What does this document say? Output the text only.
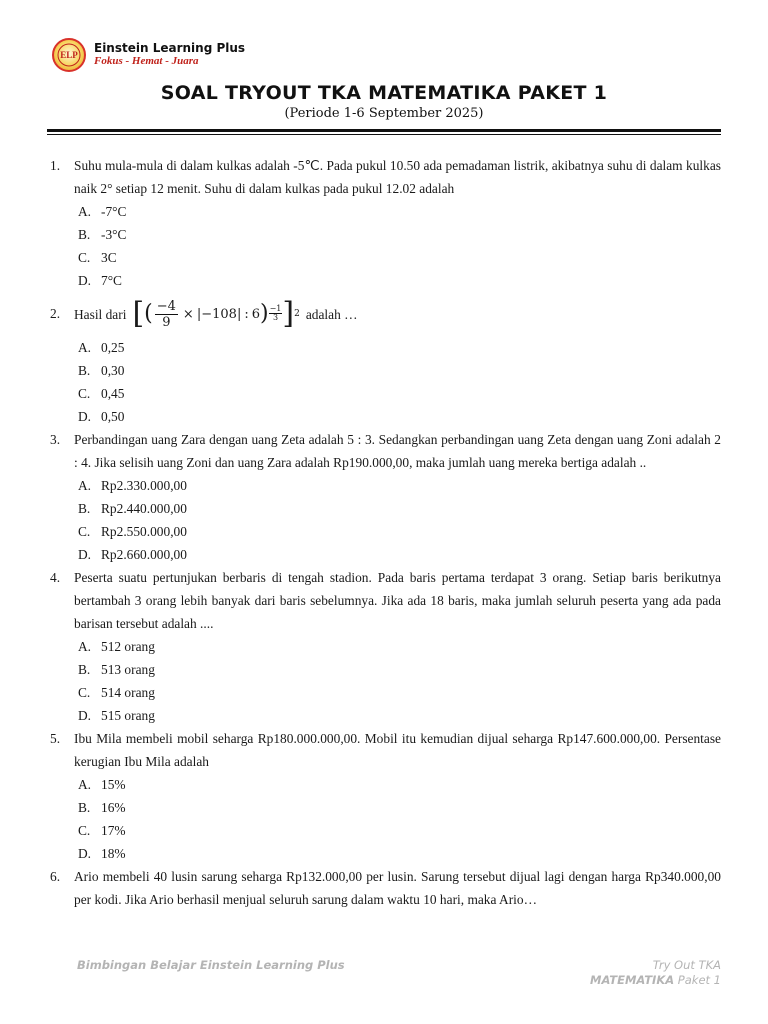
ELP Einstein Learning Plus
Fokus - Hemat - Juara
SOAL TRYOUT TKA MATEMATIKA PAKET 1
(Periode 1-6 September 2025)
1.	Suhu mula-mula di dalam kulkas adalah -5℃. Pada pukul 10.50 ada pemadaman listrik, akibatnya suhu di dalam kulkas naik 2° setiap 12 menit. Suhu di dalam kulkas pada pukul 12.02 adalah
A. -7°C
B. -3°C
C. 3C
D. 7°C
2.	Hasil dari [ ( $\frac{-4}{9}$ × | −108 | : 6 ) $\frac{-1}{3}$ ] 2 adalah …
A. 0,25
B. 0,30
C. 0,45
D. 0,50
3.	Perbandingan uang Zara dengan uang Zeta adalah 5 : 3. Sedangkan perbandingan uang Zeta dengan uang Zoni adalah 2 : 4. Jika selisih uang Zoni dan uang Zara adalah Rp190.000,00, maka jumlah uang mereka bertiga adalah ..
A. Rp2.330.000,00
B. Rp2.440.000,00
C. Rp2.550.000,00
D. Rp2.660.000,00
4.	Peserta suatu pertunjukan berbaris di tengah stadion. Pada baris pertama terdapat 3 orang. Setiap baris berikutnya bertambah 3 orang lebih banyak dari baris sebelumnya. Jika ada 18 baris, maka jumlah seluruh peserta yang ada pada barisan tersebut adalah ....
A. 512 orang
B. 513 orang
C. 514 orang
D. 515 orang
5.	Ibu Mila membeli mobil seharga Rp180.000.000,00. Mobil itu kemudian dijual seharga Rp147.600.000,00. Persentase kerugian Ibu Mila adalah
A. 15%
B. 16%
C. 17%
D. 18%
6.	Ario membeli 40 lusin sarung seharga Rp132.000,00 per lusin. Sarung tersebut dijual lagi dengan harga Rp340.000,00 per kodi. Jika Ario berhasil menjual seluruh sarung dalam waktu 10 hari, maka Ario…
Bimbingan Belajar Einstein Learning Plus	Try Out TKA
MATEMATIKA Paket 1
